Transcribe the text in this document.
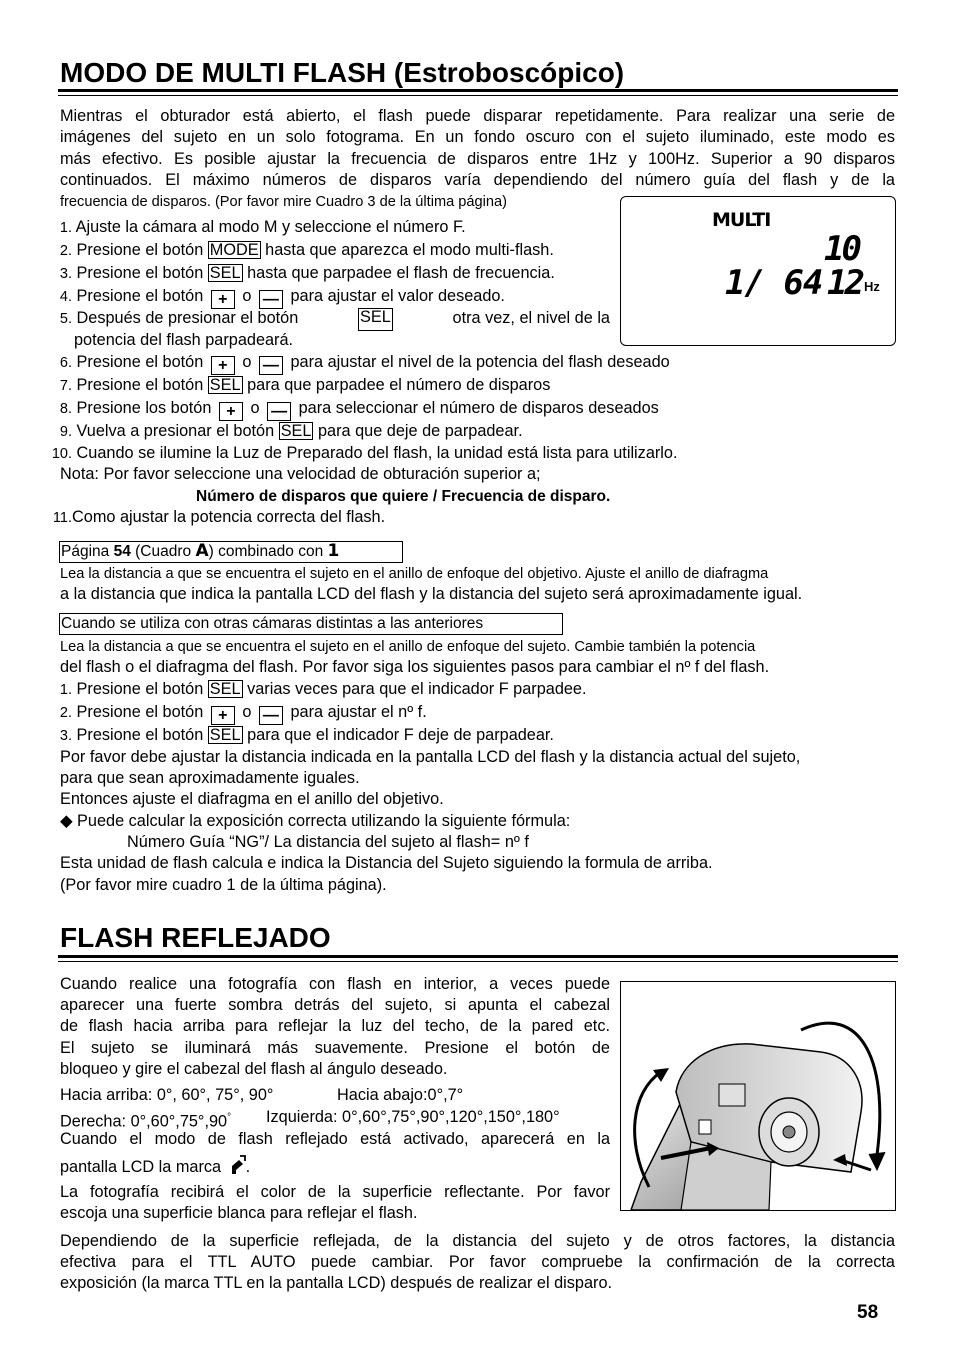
MODO DE MULTI FLASH (Estroboscópico)
Mientras el obturador está abierto, el flash puede disparar repetidamente. Para realizar una serie de
imágenes del sujeto en un solo fotograma. En un fondo oscuro con el sujeto iluminado, este modo es
más efectivo. Es posible ajustar la frecuencia de disparos entre 1Hz y 100Hz. Superior a 90 disparos
continuados. El máximo números de disparos varía dependiendo del número guía del flash y de la
frecuencia de disparos. (Por favor mire Cuadro 3 de la última página)
1. Ajuste la cámara al modo M y seleccione el número F.
2. Presione el botón MODE hasta que aparezca el modo multi-flash.
3. Presione el botón SEL hasta que parpadee el flash de frecuencia.
4. Presione el botón + o — para ajustar el valor deseado.
5. Después de presionar el botón	SEL	otra vez, el nivel de la
potencia del flash parpadeará.
6. Presione el botón + o — para ajustar el nivel de la potencia del flash deseado
7. Presione el botón SEL para que parpadee el número de disparos
8. Presione los botón + o — para seleccionar el número de disparos deseados
9. Vuelva a presionar el botón SEL para que deje de parpadear.
10. Cuando se ilumine la Luz de Preparado del flash, la unidad está lista para utilizarlo.
Nota: Por favor seleccione una velocidad de obturación superior a;
Número de disparos que quiere / Frecuencia de disparo.
11.Como ajustar la potencia correcta del flash.
MULTI
10
1/ 64 12 Hz
Página 54 (Cuadro A) combinado con 1
Lea la distancia a que se encuentra el sujeto en el anillo de enfoque del objetivo. Ajuste el anillo de diafragma
a la distancia que indica la pantalla LCD del flash y la distancia del sujeto será aproximadamente igual.
Cuando se utiliza con otras cámaras distintas a las anteriores
Lea la distancia a que se encuentra el sujeto en el anillo de enfoque del sujeto. Cambie también la potencia
del flash o el diafragma del flash. Por favor siga los siguientes pasos para cambiar el nº f del flash.
1. Presione el botón SEL varias veces para que el indicador F parpadee.
2. Presione el botón + o — para ajustar el nº f.
3. Presione el botón SEL para que el indicador F deje de parpadear.
Por favor debe ajustar la distancia indicada en la pantalla LCD del flash y la distancia actual del sujeto,
para que sean aproximadamente iguales.
Entonces ajuste el diafragma en el anillo del objetivo.
◆ Puede calcular la exposición correcta utilizando la siguiente fórmula:
Número Guía “NG”/ La distancia del sujeto al flash= nº f
Esta unidad de flash calcula e indica la Distancia del Sujeto siguiendo la formula de arriba.
(Por favor mire cuadro 1 de la última página).
FLASH REFLEJADO
Cuando realice una fotografía con flash en interior, a veces puede
aparecer una fuerte sombra detrás del sujeto, si apunta el cabezal
de flash hacia arriba para reflejar la luz del techo, de la pared etc.
El sujeto se iluminará más suavemente. Presione el botón de
bloqueo y gire el cabezal del flash al ángulo deseado.
Hacia arriba: 0°, 60°, 75°, 90°	Hacia abajo:0°,7°
Derecha: 0°,60°,75°,90° Izquierda: 0°,60°,75°,90°,120°,150°,180°
Cuando el modo de flash reflejado está activado, aparecerá en la
pantalla LCD la marca .
La fotografía recibirá el color de la superficie reflectante. Por favor
escoja una superficie blanca para reflejar el flash.
Dependiendo de la superficie reflejada, de la distancia del sujeto y de otros factores, la distancia
efectiva para el TTL AUTO puede cambiar. Por favor compruebe la confirmación de la correcta
exposición (la marca TTL en la pantalla LCD) después de realizar el disparo.
58
